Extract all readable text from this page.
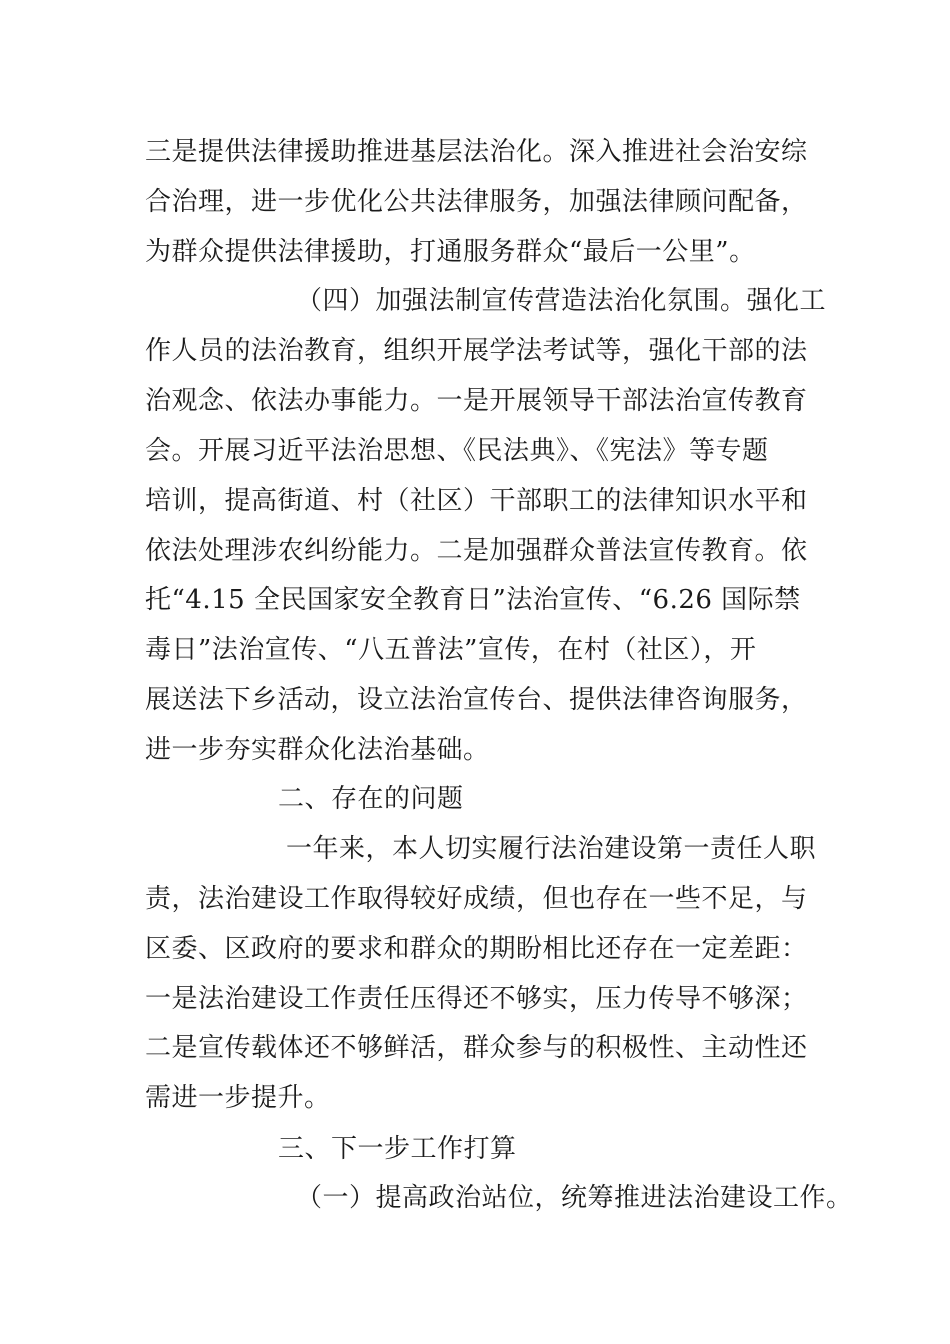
三是提供法律援助推进基层法治化。深入推进社会治安综
合治理，进一步优化公共法律服务，加强法律顾问配备，
为群众提供法律援助，打通服务群众“最后一公里”。
（四）加强法制宣传营造法治化氛围。强化工
作人员的法治教育，组织开展学法考试等，强化干部的法
治观念、依法办事能力。一是开展领导干部法治宣传教育
会。开展习近平法治思想、《民法典》、《宪法》等专题
培训，提高街道、村（社区）干部职工的法律知识水平和
依法处理涉农纠纷能力。二是加强群众普法宣传教育。依
托“4.15 全民国家安全教育日”法治宣传、“6.26 国际禁
毒日”法治宣传、“八五普法”宣传，在村（社区），开
展送法下乡活动，设立法治宣传台、提供法律咨询服务，
进一步夯实群众化法治基础。
二、存在的问题
一年来，本人切实履行法治建设第一责任人职
责，法治建设工作取得较好成绩，但也存在一些不足，与
区委、区政府的要求和群众的期盼相比还存在一定差距：
一是法治建设工作责任压得还不够实，压力传导不够深；
二是宣传载体还不够鲜活，群众参与的积极性、主动性还
需进一步提升。
三、下一步工作打算
（一）提高政治站位，统筹推进法治建设工作。
